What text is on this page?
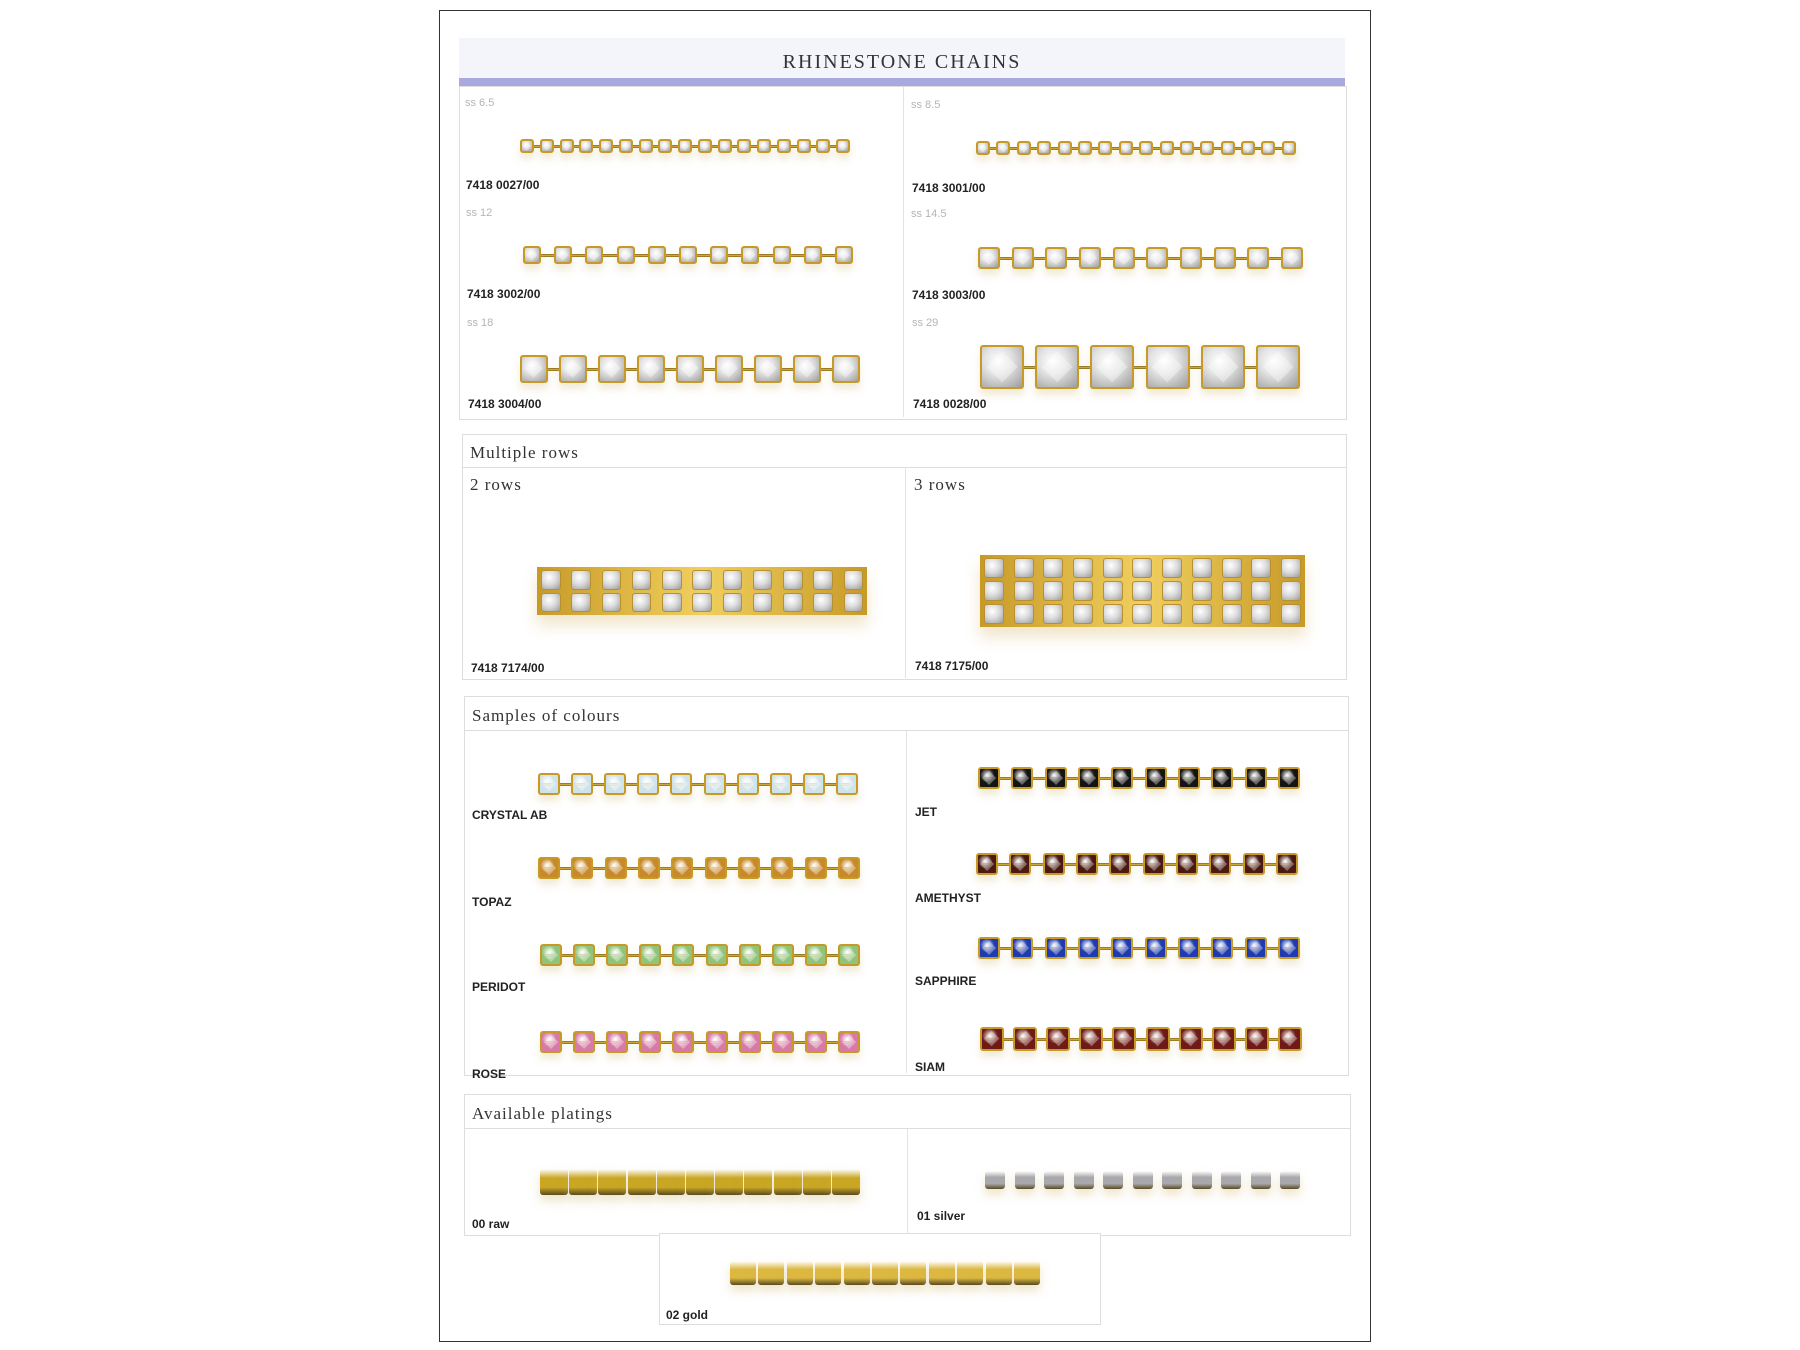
RHINESTONE CHAINS
ss 6.5
7418 0027/00
ss 8.5
7418 3001/00
ss 12
7418 3002/00
ss 14.5
7418 3003/00
ss 18
7418 3004/00
ss 29
7418 0028/00
Multiple rows
2 rows	3 rows
7418 7174/00	7418 7175/00
Samples of colours
CRYSTAL AB	JET
TOPAZ	AMETHYST
PERIDOT	SAPPHIRE
ROSE	SIAM
Available platings
00 raw
01 silver
02 gold
